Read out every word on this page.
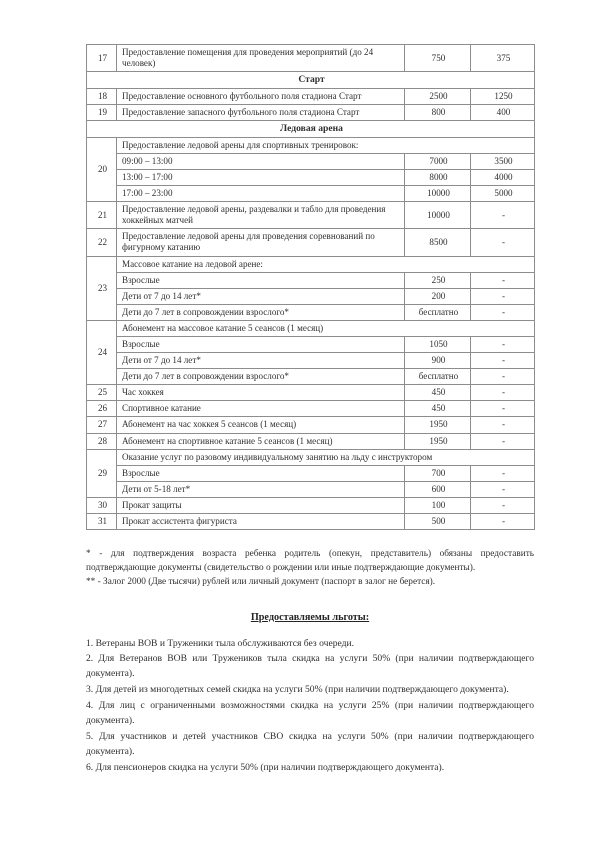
17	Предоставление помещения для проведения мероприятий (до 24 человек)	750	375
Старт			
18	Предоставление основного футбольного поля стадиона Старт	2500	1250
19	Предоставление запасного футбольного поля стадиона Старт	800	400
Ледовая арена			
20	Предоставление ледовой арены для спортивных тренировок:		
	09:00 – 13:00	7000	3500
	13:00 – 17:00	8000	4000
	17:00 – 23:00	10000	5000
21	Предоставление ледовой арены, раздевалки и табло для проведения хоккейных матчей	10000	-
22	Предоставление ледовой арены для проведения соревнований по фигурному катанию	8500	-
23	Массовое катание на ледовой арене:		
	Взрослые	250	-
	Дети от 7 до 14 лет*	200	-
	Дети до 7 лет в сопровождении взрослого*	бесплатно	-
24	Абонемент на массовое катание 5 сеансов (1 месяц)		
	Взрослые	1050	-
	Дети от 7 до 14 лет*	900	-
	Дети до 7 лет в сопровождении взрослого*	бесплатно	-
25	Час хоккея	450	-
26	Спортивное катание	450	-
27	Абонемент на час хоккея 5 сеансов (1 месяц)	1950	-
28	Абонемент на спортивное катание 5 сеансов (1 месяц)	1950	-
29	Оказание услуг по разовому индивидуальному занятию на льду с инструктором		
	Взрослые	700	-
	Дети от 5-18 лет*	600	-
30	Прокат защиты	100	-
31	Прокат ассистента фигуриста	500	-

* - для подтверждения возраста ребенка родитель (опекун, представитель) обязаны предоставить подтверждающие документы (свидетельство о рождении или иные подтверждающие документы).

** - Залог 2000 (Две тысячи) рублей или личный документ (паспорт в залог не берется).

Предоставляемы льготы:

1. Ветераны ВОВ и Труженики тыла обслуживаются без очереди.

2. Для Ветеранов ВОВ или Тружеников тыла скидка на услуги 50% (при наличии подтверждающего документа).

3. Для детей из многодетных семей скидка на услуги 50% (при наличии подтверждающего документа).

4. Для лиц с ограниченными возможностями скидка на услуги 25% (при наличии подтверждающего документа).

5. Для участников и детей участников СВО скидка на услуги 50% (при наличии подтверждающего документа).

6. Для пенсионеров скидка на услуги 50% (при наличии подтверждающего документа).
